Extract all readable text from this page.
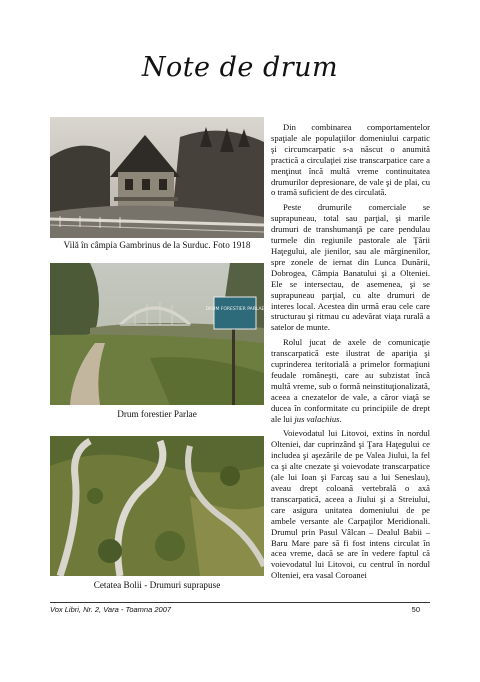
Note de drum
Vilă în câmpia Gambrinus de la Surduc. Foto 1918
DRUM FORESTIER PARLAE
Drum forestier Parlae
Cetatea Bolii - Drumuri suprapuse

Din combinarea comportamentelor spaţiale ale populaţiilor domeniului carpatic şi circumcarpatic s-a născut o anumită practică a circulaţiei zise transcarpatice care a menţinut încă multă vreme continuitatea drumurilor depresionare, de vale şi de plai, cu o tramă suficient de des circulată.

Peste drumurile comerciale se suprapuneau, total sau parţial, şi marile drumuri de transhumanţă pe care pendulau turmele din regiunile pastorale ale Ţării Haţegului, ale jienilor, sau ale mărginenilor, spre zonele de iernat din Lunca Dunării, Dobrogea, Câmpia Banatului şi a Olteniei. Ele se intersectau, de asemenea, şi se suprapuneau parţial, cu alte drumuri de interes local. Acestea din urmă erau cele care structurau şi ritmau cu adevărat viaţa rurală a satelor de munte.

Rolul jucat de axele de comunicaţie transcarpatică este ilustrat de apariţia şi cuprinderea teritorială a primelor formaţiuni feudale româneşti, care au subzistat încă multă vreme, sub o formă neinstituţionalizată, aceea a cnezatelor de vale, a căror viaţă se ducea în conformitate cu principiile de drept ale lui jus valachius.

Voievodatul lui Litovoi, extins în nordul Olteniei, dar cuprinzând şi Ţara Haţegului ce includea şi aşezările de pe Valea Jiului, la fel ca şi alte cnezate şi voievodate transcarpatice (ale lui Ioan şi Farcaş sau a lui Seneslau), aveau drept coloană vertebrală o axă transcarpatică, aceea a Jiului şi a Streiului, care asigura unitatea domeniului de pe ambele versante ale Carpaţilor Meridionali. Drumul prin Pasul Vâlcan – Dealul Babii – Baru Mare pare să fi fost intens circulat în acea vreme, dacă se are în vedere faptul că voievodatul lui Litovoi, cu centrul în nordul Olteniei, era vasal Coroanei

Vox Libri, Nr. 2, Vara - Toamna 2007	50
